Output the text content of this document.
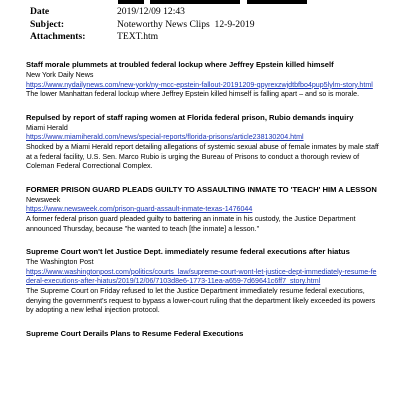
Date	2019/12/09 12:43
Subject:	Noteworthy News Clips  12-9-2019
Attachments:	TEXT.htm
Staff morale plummets at troubled federal lockup where Jeffrey Epstein killed himself
New York Daily News
https://www.nydailynews.com/new-york/ny-mcc-epstein-fallout-20191209-qpyrexzwjdtbfbo4pup5lylm-story.html
The lower Manhattan federal lockup where Jeffrey Epstein killed himself is falling apart – and so is morale.
Repulsed by report of staff raping women at Florida federal prison, Rubio demands inquiry
Miami Herald
https://www.miamiherald.com/news/special-reports/florida-prisons/article238130204.html
Shocked by a Miami Herald report detailing allegations of systemic sexual abuse of female inmates by male staff at a federal facility, U.S. Sen. Marco Rubio is urging the Bureau of Prisons to conduct a thorough review of Coleman Federal Correctional Complex.
FORMER PRISON GUARD PLEADS GUILTY TO ASSAULTING INMATE TO 'TEACH' HIM A LESSON
Newsweek
https://www.newsweek.com/prison-guard-assault-inmate-texas-1476044
A former federal prison guard pleaded guilty to battering an inmate in his custody, the Justice Department announced Thursday, because "he wanted to teach [the inmate] a lesson."
Supreme Court won't let Justice Dept. immediately resume federal executions after hiatus
The Washington Post
https://www.washingtonpost.com/politics/courts_law/supreme-court-wont-let-justice-dept-immediately-resume-federal-executions-after-hiatus/2019/12/06/7103d8e6-1773-11ea-a659-7d69641c6ff7_story.html
The Supreme Court on Friday refused to let the Justice Department immediately resume federal executions, denying the government's request to bypass a lower-court ruling that the department likely exceeded its powers by adopting a new lethal injection protocol.
Supreme Court Derails Plans to Resume Federal Executions
